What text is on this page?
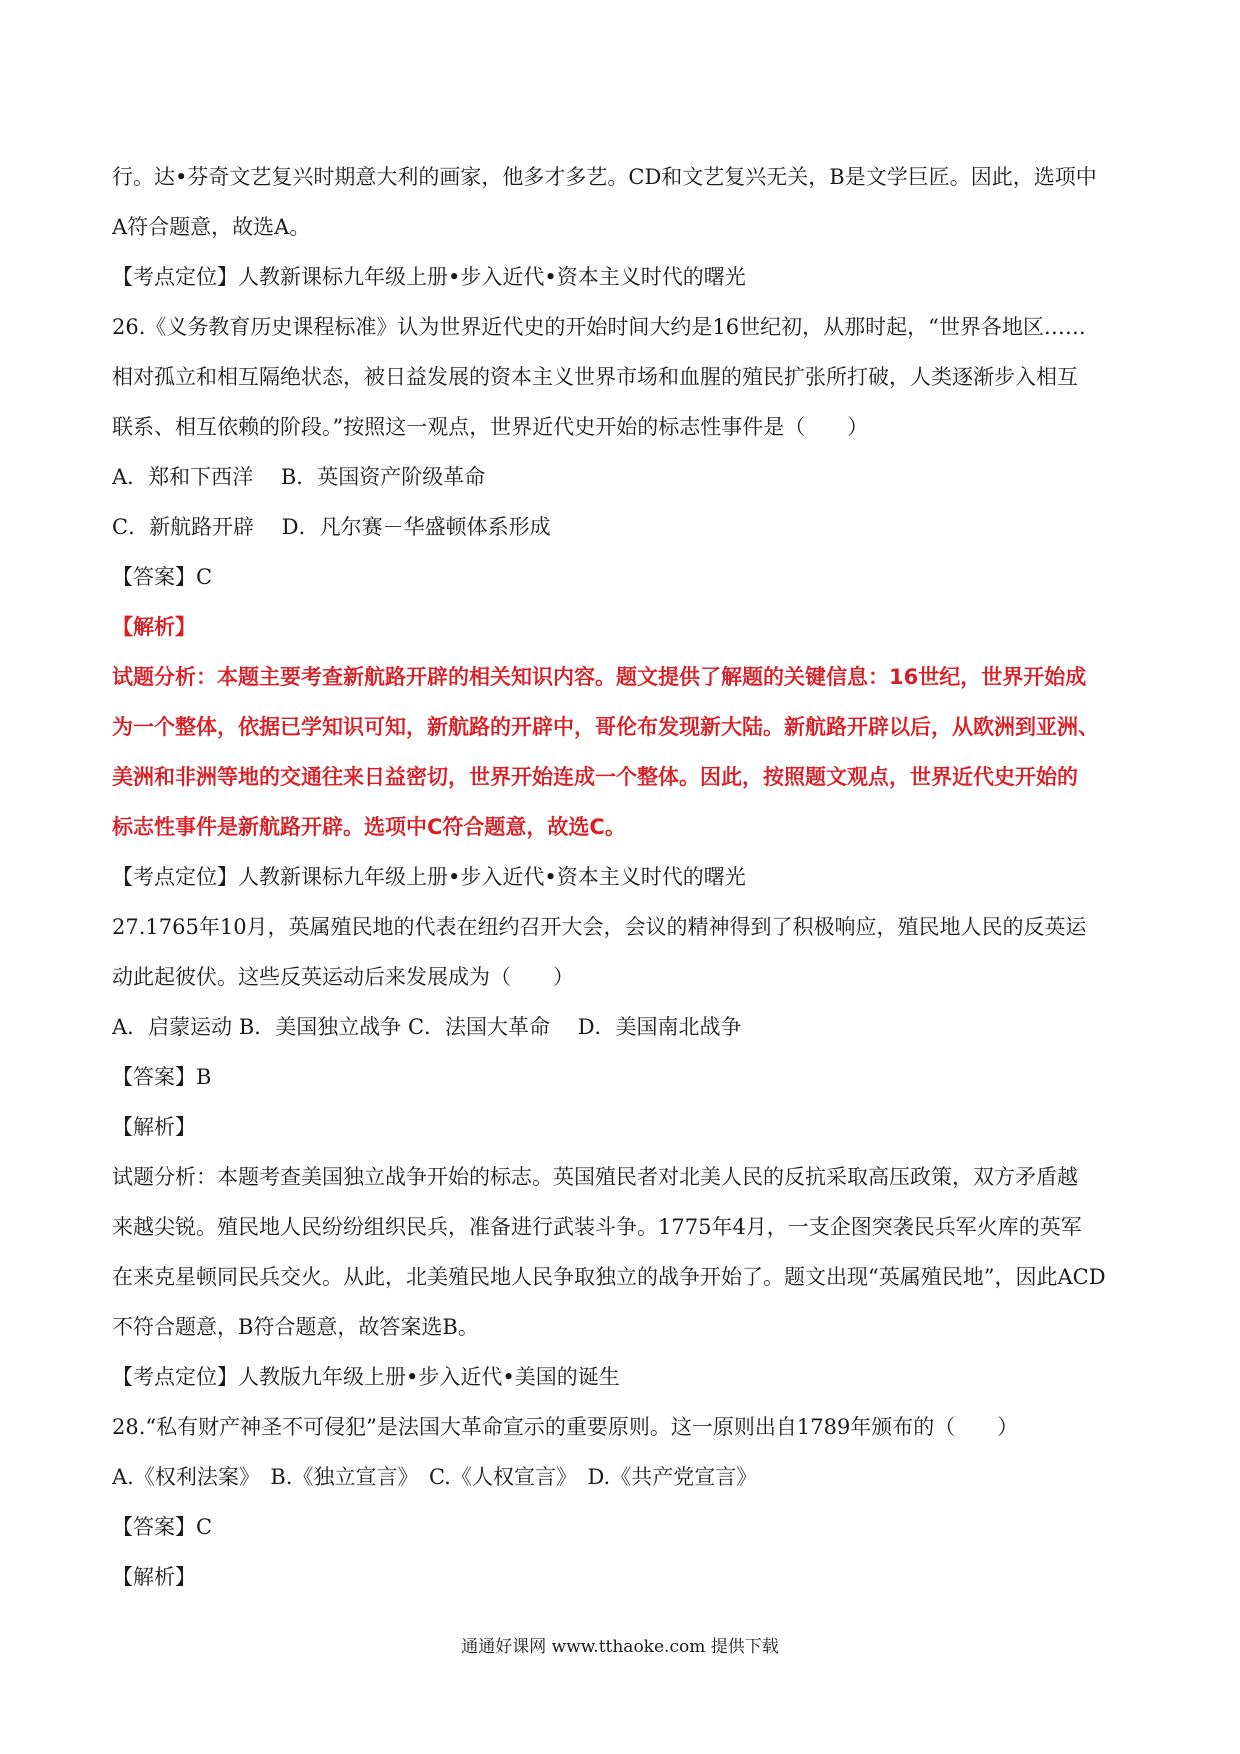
行。达•芬奇文艺复兴时期意大利的画家，他多才多艺。CD和文艺复兴无关，B是文学巨匠。因此，选项中
A符合题意，故选A。
【考点定位】人教新课标九年级上册•步入近代•资本主义时代的曙光
26.《义务教育历史课程标准》认为世界近代史的开始时间大约是16世纪初，从那时起，“世界各地区……
相对孤立和相互隔绝状态，被日益发展的资本主义世界市场和血腥的殖民扩张所打破，人类逐渐步入相互
联系、相互依赖的阶段。”按照这一观点，世界近代史开始的标志性事件是（　　）
A．郑和下西洋　 B．英国资产阶级革命
C．新航路开辟　 D．凡尔赛－华盛顿体系形成
【答案】C
【解析】
试题分析：本题主要考查新航路开辟的相关知识内容。题文提供了解题的关键信息：16世纪，世界开始成
为一个整体，依据已学知识可知，新航路的开辟中，哥伦布发现新大陆。新航路开辟以后，从欧洲到亚洲、
美洲和非洲等地的交通往来日益密切，世界开始连成一个整体。因此，按照题文观点，世界近代史开始的
标志性事件是新航路开辟。选项中C符合题意，故选C。
【考点定位】人教新课标九年级上册•步入近代•资本主义时代的曙光
27.1765年10月，英属殖民地的代表在纽约召开大会，会议的精神得到了积极响应，殖民地人民的反英运
动此起彼伏。这些反英运动后来发展成为（　　）
A．启蒙运动 B．美国独立战争 C．法国大革命　 D．美国南北战争
【答案】B
【解析】
试题分析：本题考查美国独立战争开始的标志。英国殖民者对北美人民的反抗采取高压政策，双方矛盾越
来越尖锐。殖民地人民纷纷组织民兵，准备进行武装斗争。1775年4月，一支企图突袭民兵军火库的英军
在来克星顿同民兵交火。从此，北美殖民地人民争取独立的战争开始了。题文出现“英属殖民地”，因此ACD
不符合题意，B符合题意，故答案选B。
【考点定位】人教版九年级上册•步入近代•美国的诞生
28.“私有财产神圣不可侵犯”是法国大革命宣示的重要原则。这一原则出自1789年颁布的（　　）
A.《权利法案》　B.《独立宣言》　C.《人权宣言》　D.《共产党宣言》
【答案】C
【解析】
通通好课网 www.tthaoke.com 提供下载
